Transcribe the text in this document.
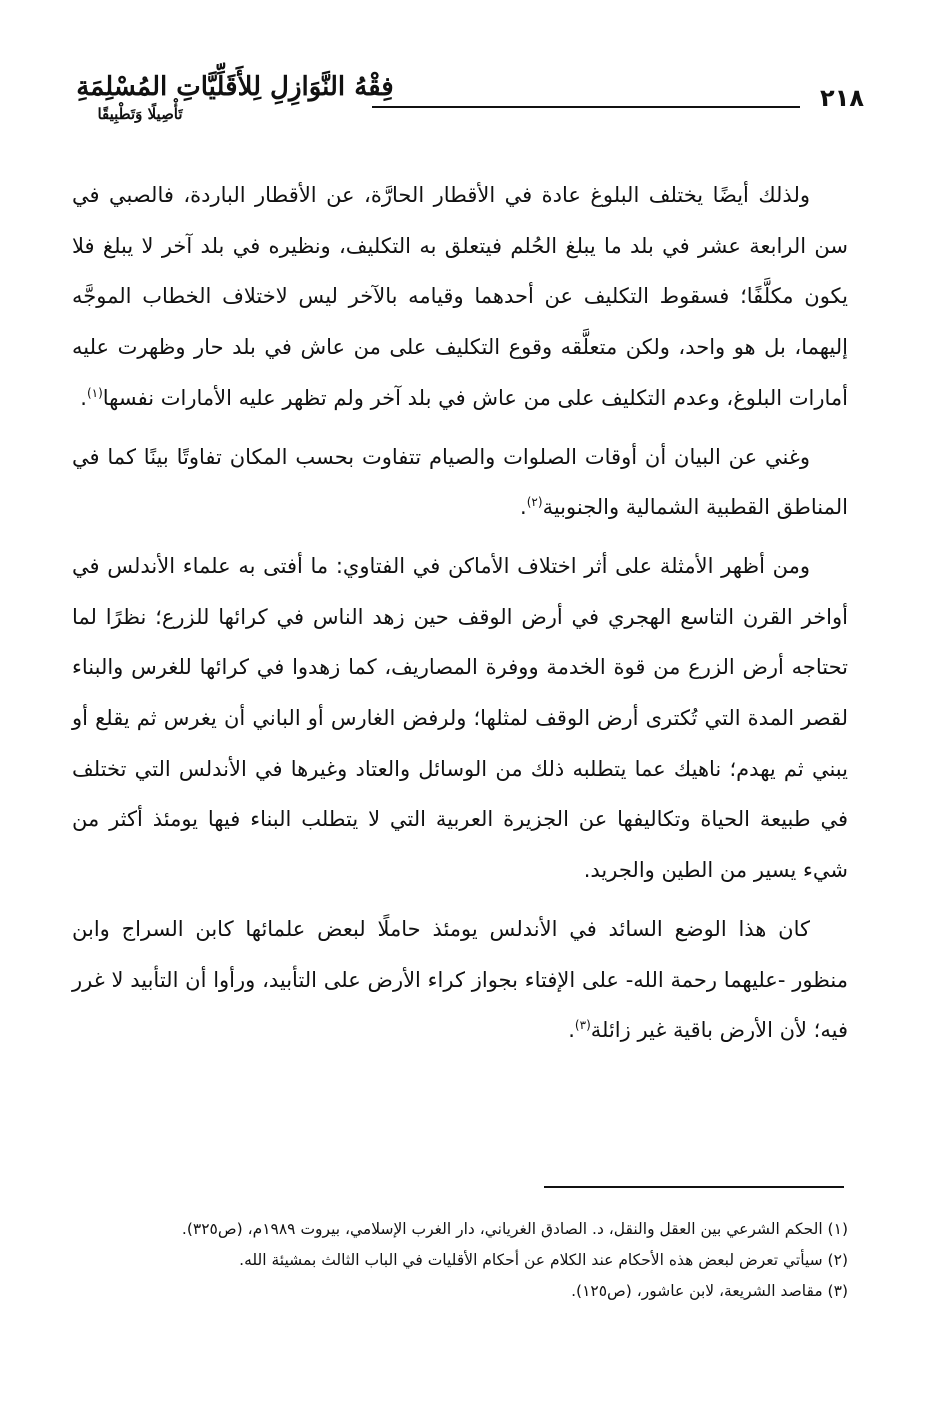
فِقْهُ النَّوَازِلِ لِلأَقَلِّيَّاتِ المُسْلِمَةِ
تَأْصِيلًا وَتَطْبِيقًا
٢١٨

ولذلك أيضًا يختلف البلوغ عادة في الأقطار الحارَّة، عن الأقطار الباردة، فالصبي في سن الرابعة عشر في بلد ما يبلغ الحُلم فيتعلق به التكليف، ونظيره في بلد آخر لا يبلغ فلا يكون مكلَّفًا؛ فسقوط التكليف عن أحدهما وقيامه بالآخر ليس لاختلاف الخطاب الموجَّه إليهما، بل هو واحد، ولكن متعلَّقه وقوع التكليف على من عاش في بلد حار وظهرت عليه أمارات البلوغ، وعدم التكليف على من عاش في بلد آخر ولم تظهر عليه الأمارات نفسها$^{(١)}$.

وغني عن البيان أن أوقات الصلوات والصيام تتفاوت بحسب المكان تفاوتًا بينًا كما في المناطق القطبية الشمالية والجنوبية$^{(٢)}$.

ومن أظهر الأمثلة على أثر اختلاف الأماكن في الفتاوي: ما أفتى به علماء الأندلس في أواخر القرن التاسع الهجري في أرض الوقف حين زهد الناس في كرائها للزرع؛ نظرًا لما تحتاجه أرض الزرع من قوة الخدمة ووفرة المصاريف، كما زهدوا في كرائها للغرس والبناء لقصر المدة التي تُكترى أرض الوقف لمثلها؛ ولرفض الغارس أو الباني أن يغرس ثم يقلع أو يبني ثم يهدم؛ ناهيك عما يتطلبه ذلك من الوسائل والعتاد وغيرها في الأندلس التي تختلف في طبيعة الحياة وتكاليفها عن الجزيرة العربية التي لا يتطلب البناء فيها يومئذ أكثر من شيء يسير من الطين والجريد.

كان هذا الوضع السائد في الأندلس يومئذ حاملًا لبعض علمائها كابن السراج وابن منظور -عليهما رحمة الله- على الإفتاء بجواز كراء الأرض على التأبيد، ورأوا أن التأبيد لا غرر فيه؛ لأن الأرض باقية غير زائلة$^{(٣)}$.

(١) الحكم الشرعي بين العقل والنقل، د. الصادق الغرياني، دار الغرب الإسلامي، بيروت ١٩٨٩م، (ص٣٢٥).
(٢) سيأتي تعرض لبعض هذه الأحكام عند الكلام عن أحكام الأقليات في الباب الثالث بمشيئة الله.
(٣) مقاصد الشريعة، لابن عاشور، (ص١٢٥).
